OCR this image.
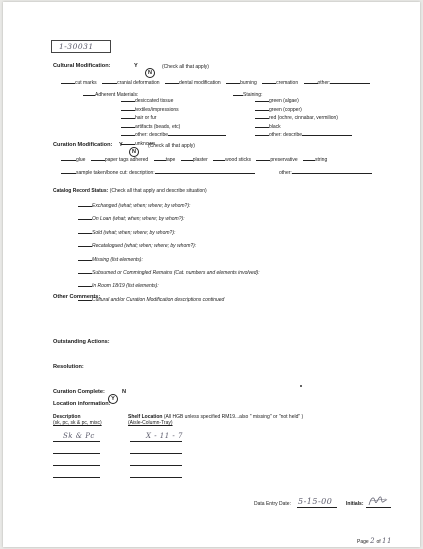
1-30031
Cultural Modification:	Y
N
(Check all that apply)
cut marks	cranial deformation	dental modification	burning	cremation	other:
Adherent Materials:
desiccated tissue
textiles/impressions
hair or fur
artifacts (beads, etc)
other: describe
unknown
Staining:
green (algae)
green (copper)
red (ochre, cinnabar, vermilion)
black
other: describe
Curation Modification: Y
N
(Check all that apply)
glue	paper tags adhered	tape	plaster	wood sticks	preservative	string
sample taken/bone cut: description:	other:
Catalog Record Status: (Check all that apply and describe situation)
Exchanged (what; when; where; by whom?):
On Loan (what; when; where; by whom?):
Sold (what; when; where; by whom?):
Recatalogued (what; when; where; by whom?):
Missing (list elements):
Subsumed or Commingled Remains (Cat. numbers and elements involved):
In Room 18/19 (list elements):
Cultural and/or Curation Modification descriptions continued
Other Comments:
Outstanding Actions:
Resolution:
Curation Complete:
Y
N
Location information:
Description
(sk, pc, sk & pc, misc)
Shelf Location (All HGB unless specified RM19...also " missing" or "not held" )
(Aisle-Column-Tray)
Sk & Pc	X - 11 - 7
Data Entry Date: 5-15-00	Initials:
Page 2 of 11
